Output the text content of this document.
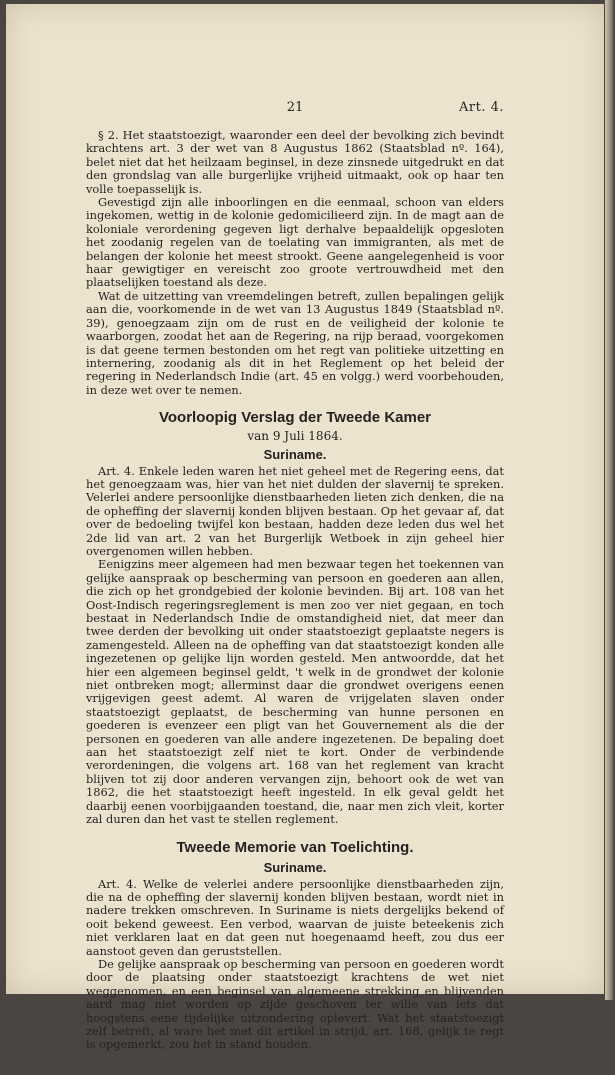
21	Art. 4.

§ 2. Het staatstoezigt, waaronder een deel der bevolking zich bevindt krachtens art. 3 der wet van 8 Augustus 1862 (Staatsblad nº. 164), belet niet dat het heilzaam beginsel, in deze zinsnede uitgedrukt en dat den grondslag van alle burgerlijke vrijheid uitmaakt, ook op haar ten volle toepasselijk is.

Gevestigd zijn alle inboorlingen en die eenmaal, schoon van elders ingekomen, wettig in de kolonie gedomicilieerd zijn. In de magt aan de koloniale verordening gegeven ligt derhalve bepaaldelijk opgesloten het zoodanig regelen van de toelating van immigranten, als met de belangen der kolonie het meest strookt. Geene aangelegenheid is voor haar gewigtiger en vereischt zoo groote vertrouwdheid met den plaatselijken toestand als deze.

Wat de uitzetting van vreemdelingen betreft, zullen bepalingen gelijk aan die, voorkomende in de wet van 13 Augustus 1849 (Staatsblad nº. 39), genoegzaam zijn om de rust en de veiligheid der kolonie te waarborgen, zoodat het aan de Regering, na rijp beraad, voorgekomen is dat geene termen bestonden om het regt van politieke uitzetting en internering, zoodanig als dit in het Reglement op het beleid der regering in Nederlandsch Indie (art. 45 en volgg.) werd voorbehouden, in deze wet over te nemen.

Voorloopig Verslag der Tweede Kamer
van 9 Juli 1864.
Suriname.

Art. 4. Enkele leden waren het niet geheel met de Regering eens, dat het genoegzaam was, hier van het niet dulden der slavernij te spreken. Velerlei andere persoonlijke dienstbaarheden lieten zich denken, die na de opheffing der slavernij konden blijven bestaan. Op het gevaar af, dat over de bedoeling twijfel kon bestaan, hadden deze leden dus wel het 2de lid van art. 2 van het Burgerlijk Wetboek in zijn geheel hier overgenomen willen hebben.

Eenigzins meer algemeen had men bezwaar tegen het toekennen van gelijke aanspraak op bescherming van persoon en goederen aan allen, die zich op het grondgebied der kolonie bevinden. Bij art. 108 van het Oost-Indisch regeringsreglement is men zoo ver niet gegaan, en toch bestaat in Nederlandsch Indie de omstandigheid niet, dat meer dan twee derden der bevolking uit onder staatstoezigt geplaatste negers is zamengesteld. Alleen na de opheffing van dat staatstoezigt konden alle ingezetenen op gelijke lijn worden gesteld. Men antwoordde, dat het hier een algemeen beginsel geldt, 't welk in de grondwet der kolonie niet ontbreken mogt; allerminst daar die grondwet overigens eenen vrijgevigen geest ademt. Al waren de vrijgelaten slaven onder staatstoezigt geplaatst, de bescherming van hunne personen en goederen is evenzeer een pligt van het Gouvernement als die der personen en goederen van alle andere ingezetenen. De bepaling doet aan het staatstoezigt zelf niet te kort. Onder de verbindende verordeningen, die volgens art. 168 van het reglement van kracht blijven tot zij door anderen vervangen zijn, behoort ook de wet van 1862, die het staatstoezigt heeft ingesteld. In elk geval geldt het daarbij eenen voorbijgaanden toestand, die, naar men zich vleit, korter zal duren dan het vast te stellen reglement.

Tweede Memorie van Toelichting.
Suriname.

Art. 4. Welke de velerlei andere persoonlijke dienstbaarheden zijn, die na de opheffing der slavernij konden blijven bestaan, wordt niet in nadere trekken omschreven. In Suriname is niets dergelijks bekend of ooit bekend geweest. Een verbod, waarvan de juiste beteekenis zich niet verklaren laat en dat geen nut hoegenaamd heeft, zou dus eer aanstoot geven dan geruststellen.

De gelijke aanspraak op bescherming van persoon en goederen wordt door de plaatsing onder staatstoezigt krachtens de wet niet weggenomen, en een beginsel van algemeene strekking en blijvenden aard mag niet worden op zijde geschoven ter wille van iets dat hoogstens eene tijdelijke uitzondering oplevert. Wat het staatstoezigt zelf betreft, al ware het met dit artikel in strijd, art. 168, gelijk te regt is opgemerkt, zou het in stand houden.
